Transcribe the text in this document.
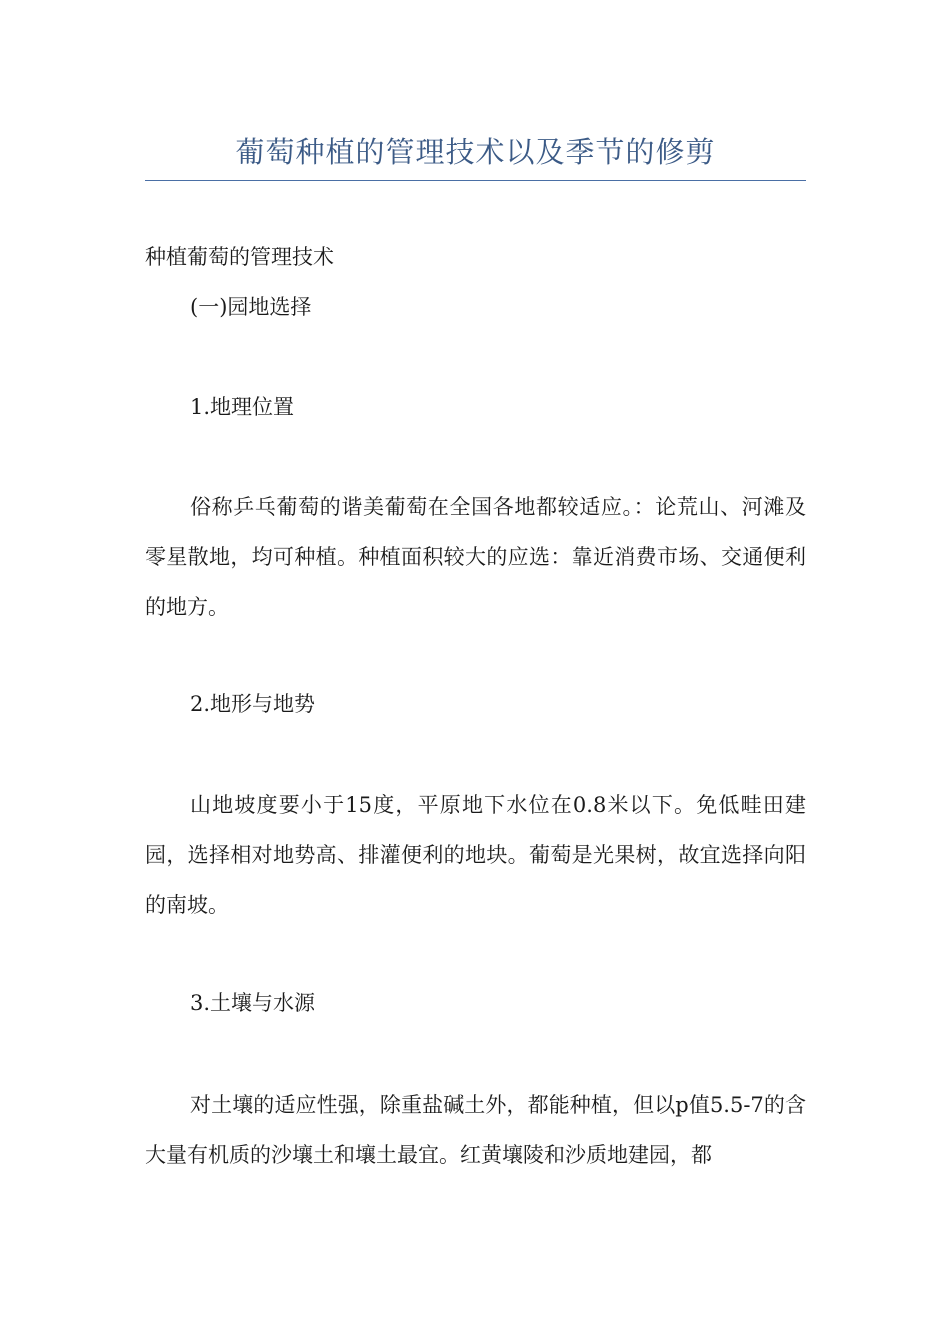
葡萄种植的管理技术以及季节的修剪
种植葡萄的管理技术
(一)园地选择
1.地理位置
俗称乒乓葡萄的谐美葡萄在全国各地都较适应。：论荒山、河滩及零星散地，均可种植。种植面积较大的应选：靠近消费市场、交通便利的地方。
2.地形与地势
山地坡度要小于15度，平原地下水位在0.8米以下。免低畦田建园，选择相对地势高、排灌便利的地块。葡萄是光果树，故宜选择向阳的南坡。
3.土壤与水源
对土壤的适应性强，除重盐碱土外，都能种植，但以p值5.5-7的含大量有机质的沙壤土和壤土最宜。红黄壤陵和沙质地建园，都
